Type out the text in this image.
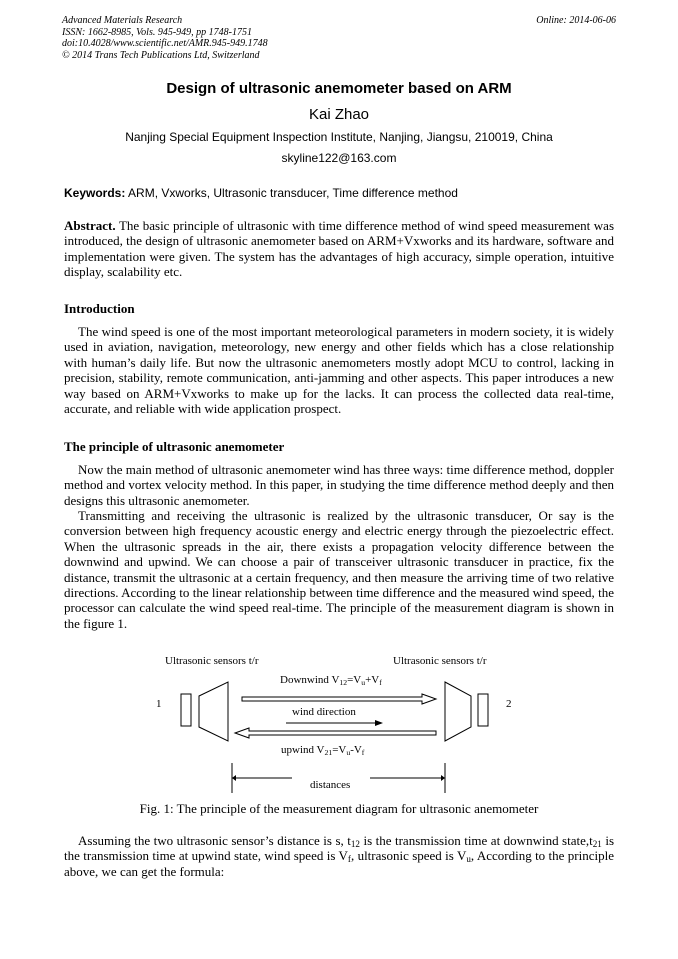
Advanced Materials Research
ISSN: 1662-8985, Vols. 945-949, pp 1748-1751
doi:10.4028/www.scientific.net/AMR.945-949.1748
© 2014 Trans Tech Publications Ltd, Switzerland
Online: 2014-06-06
Design of ultrasonic anemometer based on ARM
Kai Zhao
Nanjing Special Equipment Inspection Institute, Nanjing, Jiangsu, 210019, China
skyline122@163.com
Keywords: ARM, Vxworks, Ultrasonic transducer, Time difference method

Abstract. The basic principle of ultrasonic with time difference method of wind speed measurement was introduced, the design of ultrasonic anemometer based on ARM+Vxworks and its hardware, software and implementation were given. The system has the advantages of high accuracy, simple operation, intuitive display, scalability etc.

Introduction

The wind speed is one of the most important meteorological parameters in modern society, it is widely used in aviation, navigation, meteorology, new energy and other fields which has a close relationship with human’s daily life. But now the ultrasonic anemometers mostly adopt MCU to control, lacking in precision, stability, remote communication, anti-jamming and other aspects. This paper introduces a new way based on ARM+Vxworks to make up for the lacks. It can process the collected data real-time, accurate, and reliable with wide application prospect.

The principle of ultrasonic anemometer

Now the main method of ultrasonic anemometer wind has three ways: time difference method, doppler method and vortex velocity method. In this paper, in studying the time difference method deeply and then designs this ultrasonic anemometer.

Transmitting and receiving the ultrasonic is realized by the ultrasonic transducer, Or say is the conversion between high frequency acoustic energy and electric energy through the piezoelectric effect. When the ultrasonic spreads in the air, there exists a propagation velocity difference between the downwind and upwind. We can choose a pair of transceiver ultrasonic transducer in practice, fix the distance, transmit the ultrasonic at a certain frequency, and then measure the arriving time of two relative directions. According to the linear relationship between time difference and the measured wind speed, the processor can calculate the wind speed real-time. The principle of the measurement diagram is shown in the figure 1.

Ultrasonic sensors t/r	Ultrasonic sensors t/r
1	2
Downwind $V_{12}=V_u+V_f$
wind direction
upwind $V_{21}=V_u-V_f$
distances
Fig. 1: The principle of the measurement diagram for ultrasonic anemometer

Assuming the two ultrasonic sensor’s distance is s, $t_{12}$ is the transmission time at downwind $state,t_{21}$ is the transmission time at upwind state, wind speed is $V_f$, ultrasonic speed is $V_u$, According to the principle above, we can get the formula:
